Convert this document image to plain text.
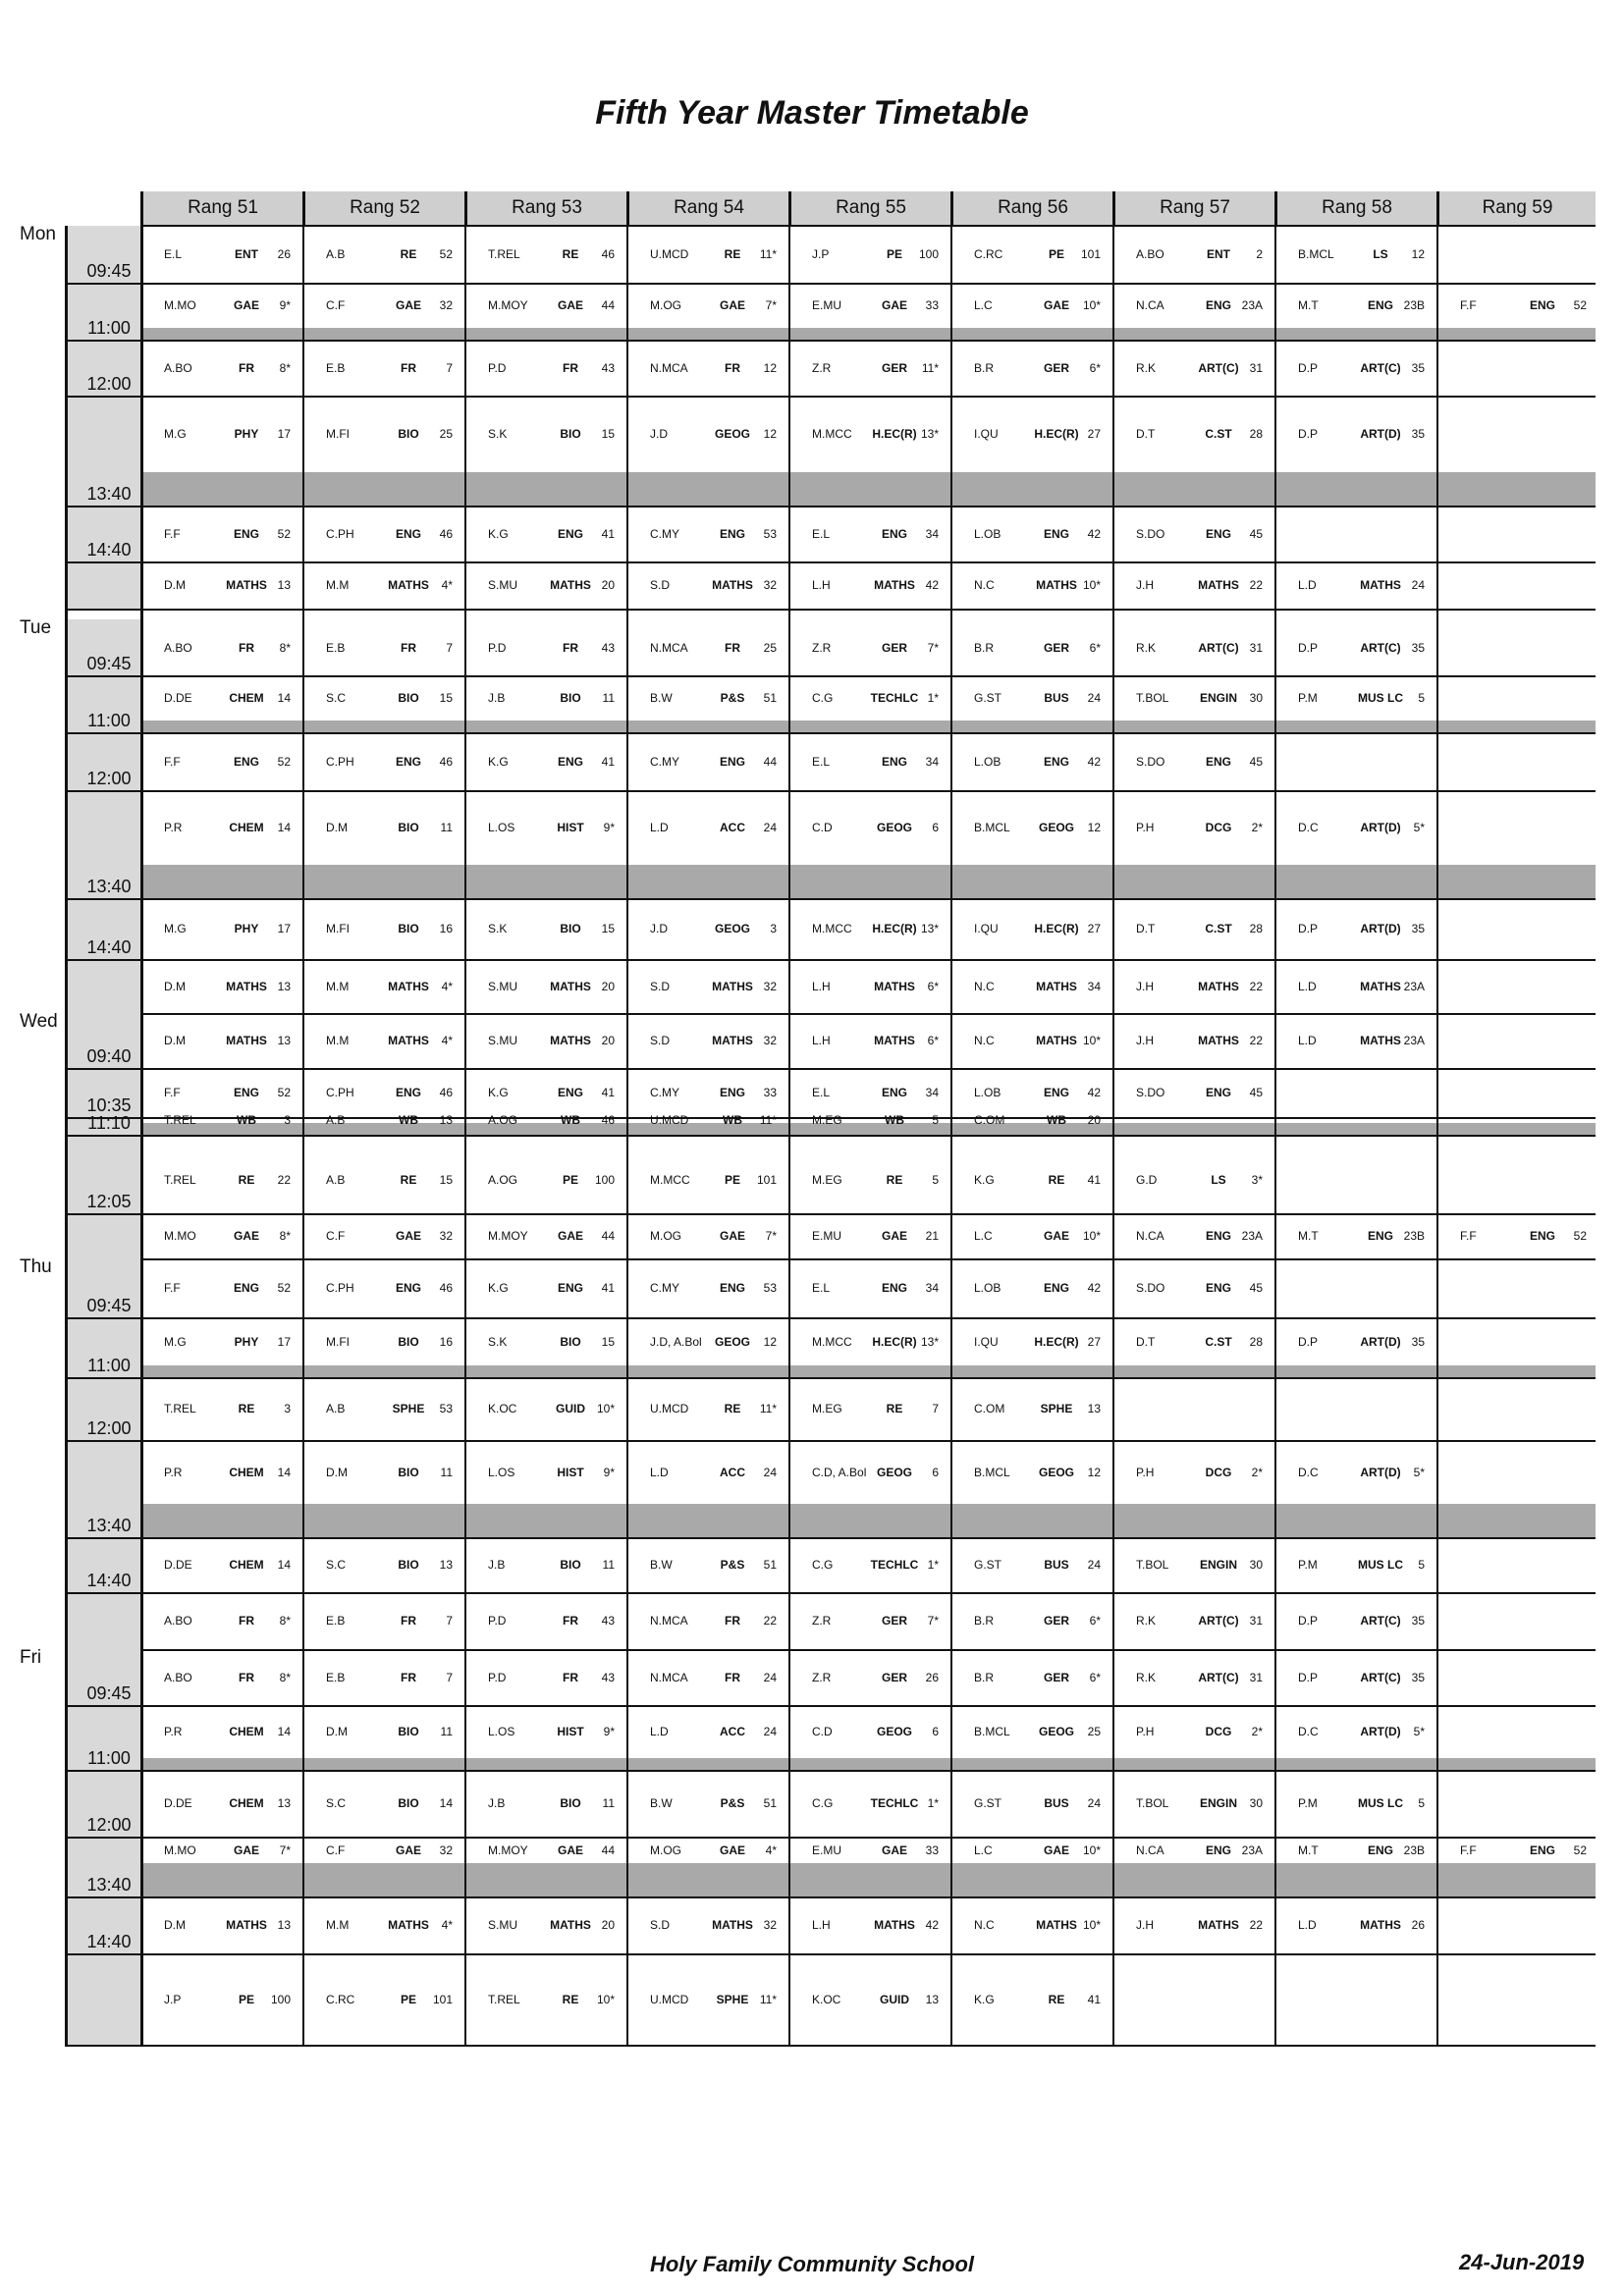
Fifth Year Master Timetable
Rang 51	Rang 52	Rang 53	Rang 54	Rang 55	Rang 56	Rang 57	Rang 58	Rang 59
Mon
09:45
E.L	ENT	26	A.B	RE	52	T.REL	RE	46	U.MCD	RE	11*	J.P	PE	100	C.RC	PE	101	A.BO	ENT	2	B.MCL	LS	12
11:00
M.MO	GAE	9*	C.F	GAE	32	M.MOY	GAE	44	M.OG	GAE	7*	E.MU	GAE	33	L.C	GAE	10*	N.CA	ENG 23A	M.T	ENG 23B	F.F	ENG	52
12:00
A.BO	FR	8*	E.B	FR	7	P.D	FR	43	N.MCA	FR	12	Z.R	GER	11*	B.R	GER	6*	R.K	ART(C) 31	D.P	ART(C) 35
13:40
M.G	PHY	17	M.FI	BIO	25	S.K	BIO	15	J.D	GEOG	12	M.MCC	H.EC(R) 13*	I.QU	H.EC(R) 27	D.T	C.ST	28	D.P	ART(D) 35
14:40
F.F	ENG	52	C.PH	ENG	46	K.G	ENG	41	C.MY	ENG	53	E.L	ENG	34	L.OB	ENG	42	S.DO	ENG	45
D.M	MATHS 13	M.M	MATHS	4*	S.MU	MATHS 20	S.D	MATHS 32	L.H	MATHS 42	N.C	MATHS 10*	J.H	MATHS 22	L.D	MATHS 24
Tue
09:45
A.BO	FR	8*	E.B	FR	7	P.D	FR	43	N.MCA	FR	25	Z.R	GER	7*	B.R	GER	6*	R.K	ART(C) 31	D.P	ART(C) 35
11:00
D.DE	CHEM	14	S.C	BIO	15	J.B	BIO	11	B.W	P&S	51	C.G	TECHLC 1*	G.ST	BUS	24	T.BOL	ENGIN	30	P.M	MUS LC	5
12:00
F.F	ENG	52	C.PH	ENG	46	K.G	ENG	41	C.MY	ENG	44	E.L	ENG	34	L.OB	ENG	42	S.DO	ENG	45
13:40
P.R	CHEM	14	D.M	BIO	11	L.OS	HIST	9*	L.D	ACC	24	C.D	GEOG	6	B.MCL	GEOG	12	P.H	DCG	2*	D.C	ART(D)	5*
14:40
M.G	PHY	17	M.FI	BIO	16	S.K	BIO	15	J.D	GEOG	3	M.MCC	H.EC(R) 13*	I.QU	H.EC(R) 27	D.T	C.ST	28	D.P	ART(D) 35
D.M	MATHS 13	M.M	MATHS	4*	S.MU	MATHS 20	S.D	MATHS 32	L.H	MATHS	6*	N.C	MATHS 34	J.H	MATHS 22	L.D	MATHS 23A
Wed
09:40
D.M	MATHS 13	M.M	MATHS	4*	S.MU	MATHS 20	S.D	MATHS 32	L.H	MATHS	6*	N.C	MATHS 10*	J.H	MATHS 22	L.D	MATHS 23A
10:35
F.F	ENG	52	C.PH	ENG	46	K.G	ENG	41	C.MY	ENG	33	E.L	ENG	34	L.OB	ENG	42	S.DO	ENG	45
11:10	T.REL	WB	3	A.B	WB	13	A.OG	WB	46	U.MCD	WB	11*	M.EG	WB	5	C.OM	WB	20
12:05
T.REL	RE	22	A.B	RE	15	A.OG	PE	100	M.MCC	PE	101	M.EG	RE	5	K.G	RE	41	G.D	LS	3*
M.MO	GAE	8*	C.F	GAE	32	M.MOY	GAE	44	M.OG	GAE	7*	E.MU	GAE	21	L.C	GAE	10*	N.CA	ENG 23A	M.T	ENG 23B	F.F	ENG	52
Thu
09:45
F.F	ENG	52	C.PH	ENG	46	K.G	ENG	41	C.MY	ENG	53	E.L	ENG	34	L.OB	ENG	42	S.DO	ENG	45
11:00
M.G	PHY	17	M.FI	BIO	16	S.K	BIO	15	J.D, A.Bol	GEOG	12	M.MCC	H.EC(R) 13*	I.QU	H.EC(R) 27	D.T	C.ST	28	D.P	ART(D) 35
12:00
T.REL	RE	3	A.B	SPHE	53	K.OC	GUID 10*	U.MCD	RE	11*	M.EG	RE	7	C.OM	SPHE	13
13:40
P.R	CHEM	14	D.M	BIO	11	L.OS	HIST	9*	L.D	ACC	24	C.D, A.Bol GEOG	6	B.MCL	GEOG	12	P.H	DCG	2*	D.C	ART(D)	5*
14:40
D.DE	CHEM	14	S.C	BIO	13	J.B	BIO	11	B.W	P&S	51	C.G	TECHLC 1*	G.ST	BUS	24	T.BOL	ENGIN	30	P.M	MUS LC	5
A.BO	FR	8*	E.B	FR	7	P.D	FR	43	N.MCA	FR	22	Z.R	GER	7*	B.R	GER	6*	R.K	ART(C) 31	D.P	ART(C) 35
Fri
09:45
A.BO	FR	8*	E.B	FR	7	P.D	FR	43	N.MCA	FR	24	Z.R	GER	26	B.R	GER	6*	R.K	ART(C) 31	D.P	ART(C) 35
11:00
P.R	CHEM	14	D.M	BIO	11	L.OS	HIST	9*	L.D	ACC	24	C.D	GEOG	6	B.MCL	GEOG	25	P.H	DCG	2*	D.C	ART(D)	5*
12:00
D.DE	CHEM	13	S.C	BIO	14	J.B	BIO	11	B.W	P&S	51	C.G	TECHLC 1*	G.ST	BUS	24	T.BOL	ENGIN	30	P.M	MUS LC	5
13:40
M.MO	GAE	7*	C.F	GAE	32	M.MOY	GAE	44	M.OG	GAE	4*	E.MU	GAE	33	L.C	GAE	10*	N.CA	ENG 23A	M.T	ENG 23B	F.F	ENG	52
14:40
D.M	MATHS 13	M.M	MATHS	4*	S.MU	MATHS 20	S.D	MATHS 32	L.H	MATHS 42	N.C	MATHS 10*	J.H	MATHS 22	L.D	MATHS 26
J.P	PE	100	C.RC	PE	101	T.REL	RE	10*	U.MCD	SPHE 11*	K.OC	GUID	13	K.G	RE	41
Holy Family Community School	24-Jun-2019
